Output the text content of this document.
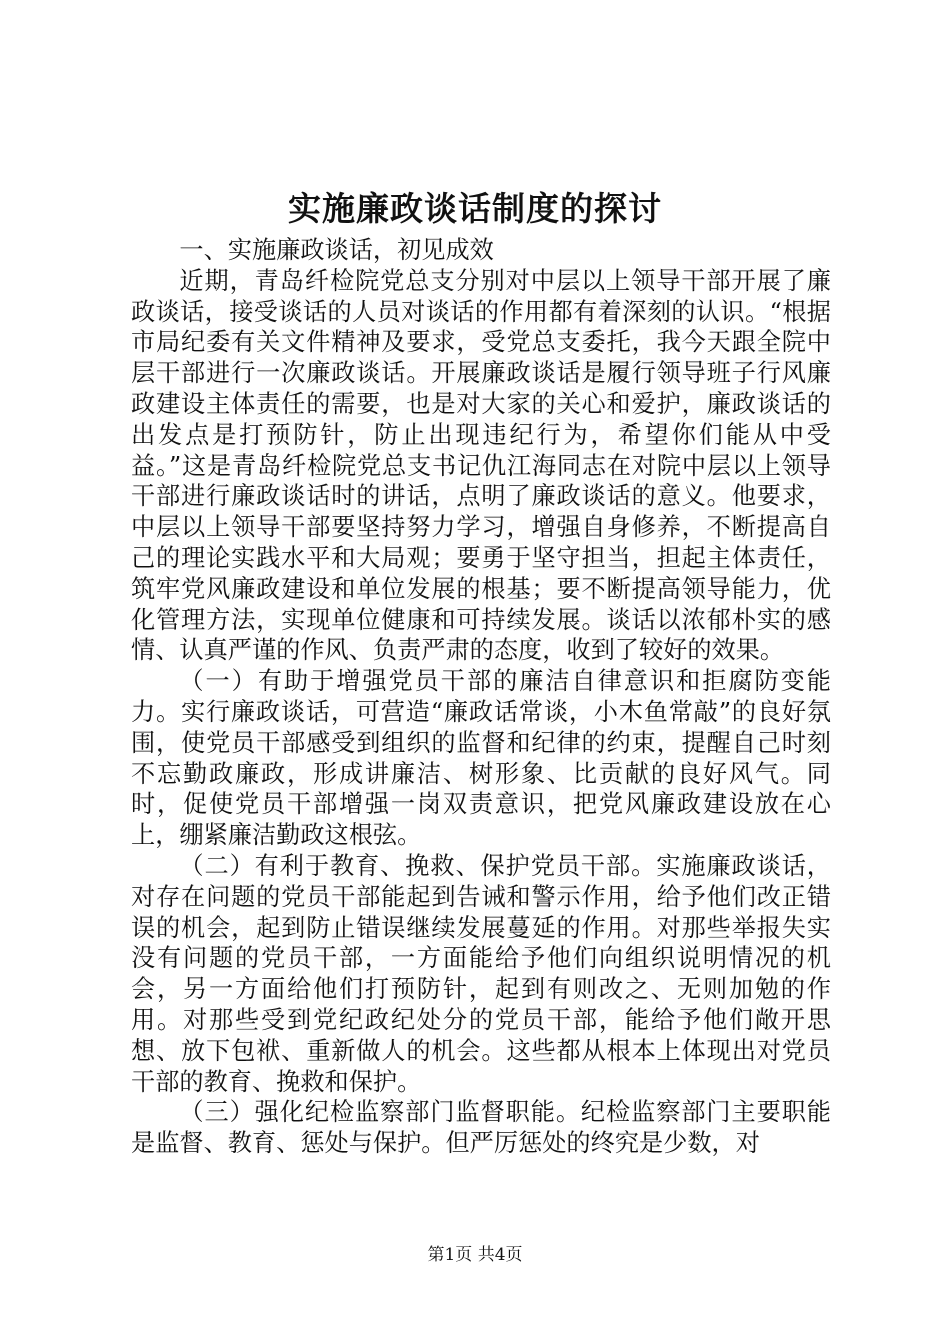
实施廉政谈话制度的探讨

一、实施廉政谈话，初见成效

近期，青岛纤检院党总支分别对中层以上领导干部开展了廉政谈话，接受谈话的人员对谈话的作用都有着深刻的认识。“根据市局纪委有关文件精神及要求，受党总支委托，我今天跟全院中层干部进行一次廉政谈话。开展廉政谈话是履行领导班子行风廉政建设主体责任的需要，也是对大家的关心和爱护，廉政谈话的出发点是打预防针，防止出现违纪行为，希望你们能从中受益。”这是青岛纤检院党总支书记仇江海同志在对院中层以上领导干部进行廉政谈话时的讲话，点明了廉政谈话的意义。他要求，中层以上领导干部要坚持努力学习，增强自身修养，不断提高自己的理论实践水平和大局观；要勇于坚守担当，担起主体责任，筑牢党风廉政建设和单位发展的根基；要不断提高领导能力，优化管理方法，实现单位健康和可持续发展。谈话以浓郁朴实的感情、认真严谨的作风、负责严肃的态度，收到了较好的效果。

（一）有助于增强党员干部的廉洁自律意识和拒腐防变能力。实行廉政谈话，可营造“廉政话常谈，小木鱼常敲”的良好氛围，使党员干部感受到组织的监督和纪律的约束，提醒自己时刻不忘勤政廉政，形成讲廉洁、树形象、比贡献的良好风气。同时，促使党员干部增强一岗双责意识，把党风廉政建设放在心上，绷紧廉洁勤政这根弦。

（二）有利于教育、挽救、保护党员干部。实施廉政谈话，对存在问题的党员干部能起到告诫和警示作用，给予他们改正错误的机会，起到防止错误继续发展蔓延的作用。对那些举报失实没有问题的党员干部，一方面能给予他们向组织说明情况的机会，另一方面给他们打预防针，起到有则改之、无则加勉的作用。对那些受到党纪政纪处分的党员干部，能给予他们敞开思想、放下包袱、重新做人的机会。这些都从根本上体现出对党员干部的教育、挽救和保护。

（三）强化纪检监察部门监督职能。纪检监察部门主要职能是监督、教育、惩处与保护。但严厉惩处的终究是少数，对

第1页 共4页
